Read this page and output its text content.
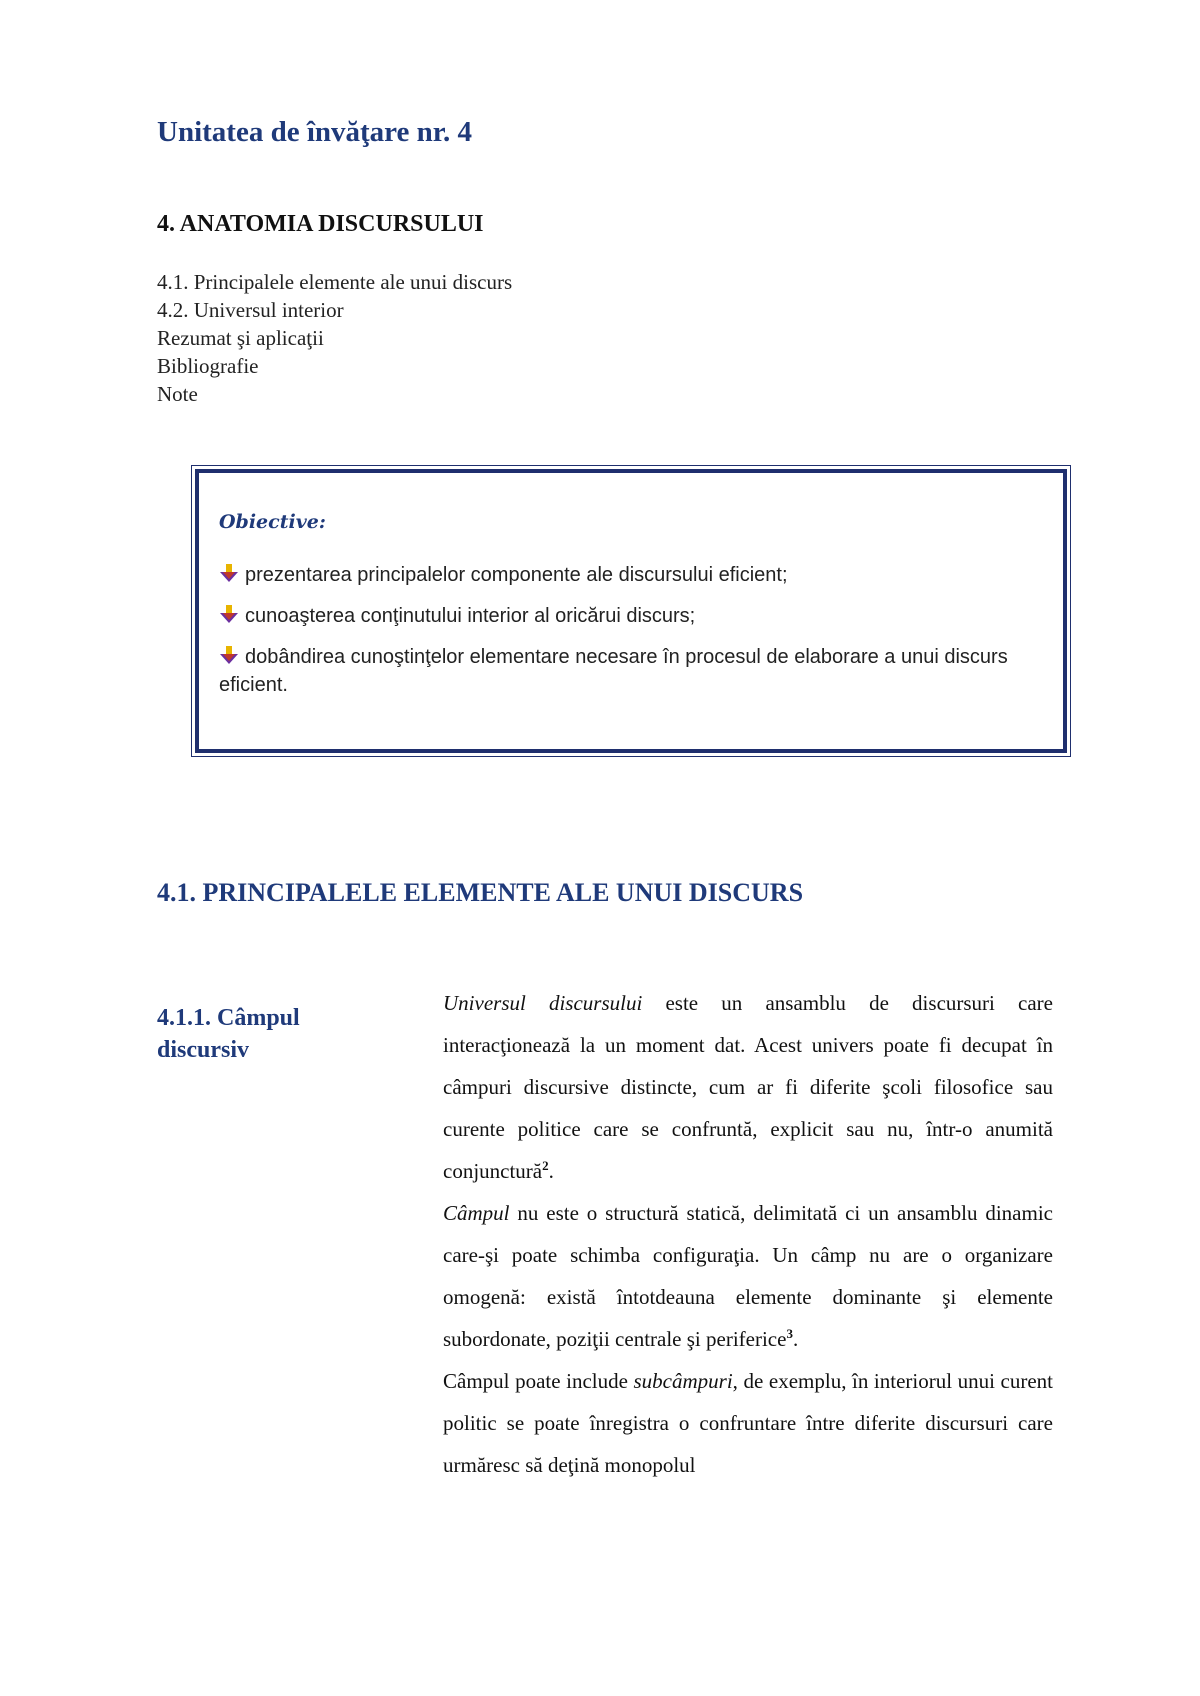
Unitatea de învăţare nr. 4
4. ANATOMIA DISCURSULUI
4.1. Principalele elemente ale unui discurs
4.2. Universul interior
Rezumat şi aplicaţii
Bibliografie
Note

Obiective:

prezentarea principalelor componente ale discursului eficient;
cunoaşterea conţinutului interior al oricărui discurs;
dobândirea cunoştinţelor elementare necesare în procesul de elaborare a unui discurs eficient.
4.1. PRINCIPALELE ELEMENTE ALE UNUI DISCURS
4.1.1. Câmpul discursiv

Universul discursului este un ansamblu de discursuri care interacţionează la un moment dat. Acest univers poate fi decupat în câmpuri discursive distincte, cum ar fi diferite şcoli filosofice sau curente politice care se confruntă, explicit sau nu, într-o anumită conjunctură$^2$.

Câmpul nu este o structură statică, delimitată ci un ansamblu dinamic care-şi poate schimba configuraţia. Un câmp nu are o organizare omogenă: există întotdeauna elemente dominante şi elemente subordonate, poziţii centrale şi periferice$^3$.

Câmpul poate include subcâmpuri, de exemplu, în interiorul unui curent politic se poate înregistra o confruntare între diferite discursuri care urmăresc să deţină monopolul
